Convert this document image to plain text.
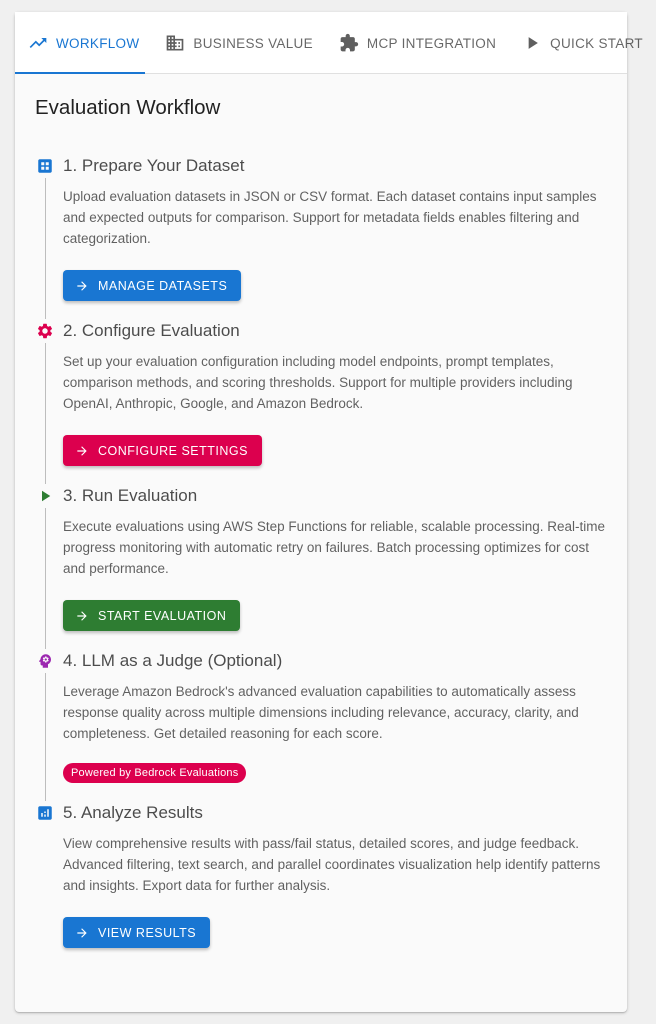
WORKFLOW	BUSINESS VALUE	MCP INTEGRATION	QUICK START
Evaluation Workflow
1. Prepare Your Dataset

Upload evaluation datasets in JSON or CSV format. Each dataset contains input samples and expected outputs for comparison. Support for metadata fields enables filtering and categorization.

MANAGE DATASETS
2. Configure Evaluation

Set up your evaluation configuration including model endpoints, prompt templates, comparison methods, and scoring thresholds. Support for multiple providers including OpenAI, Anthropic, Google, and Amazon Bedrock.

CONFIGURE SETTINGS
3. Run Evaluation

Execute evaluations using AWS Step Functions for reliable, scalable processing. Real-time progress monitoring with automatic retry on failures. Batch processing optimizes for cost and performance.

START EVALUATION
4. LLM as a Judge (Optional)

Leverage Amazon Bedrock's advanced evaluation capabilities to automatically assess response quality across multiple dimensions including relevance, accuracy, clarity, and completeness. Get detailed reasoning for each score.

Powered by Bedrock Evaluations
5. Analyze Results

View comprehensive results with pass/fail status, detailed scores, and judge feedback. Advanced filtering, text search, and parallel coordinates visualization help identify patterns and insights. Export data for further analysis.

VIEW RESULTS
